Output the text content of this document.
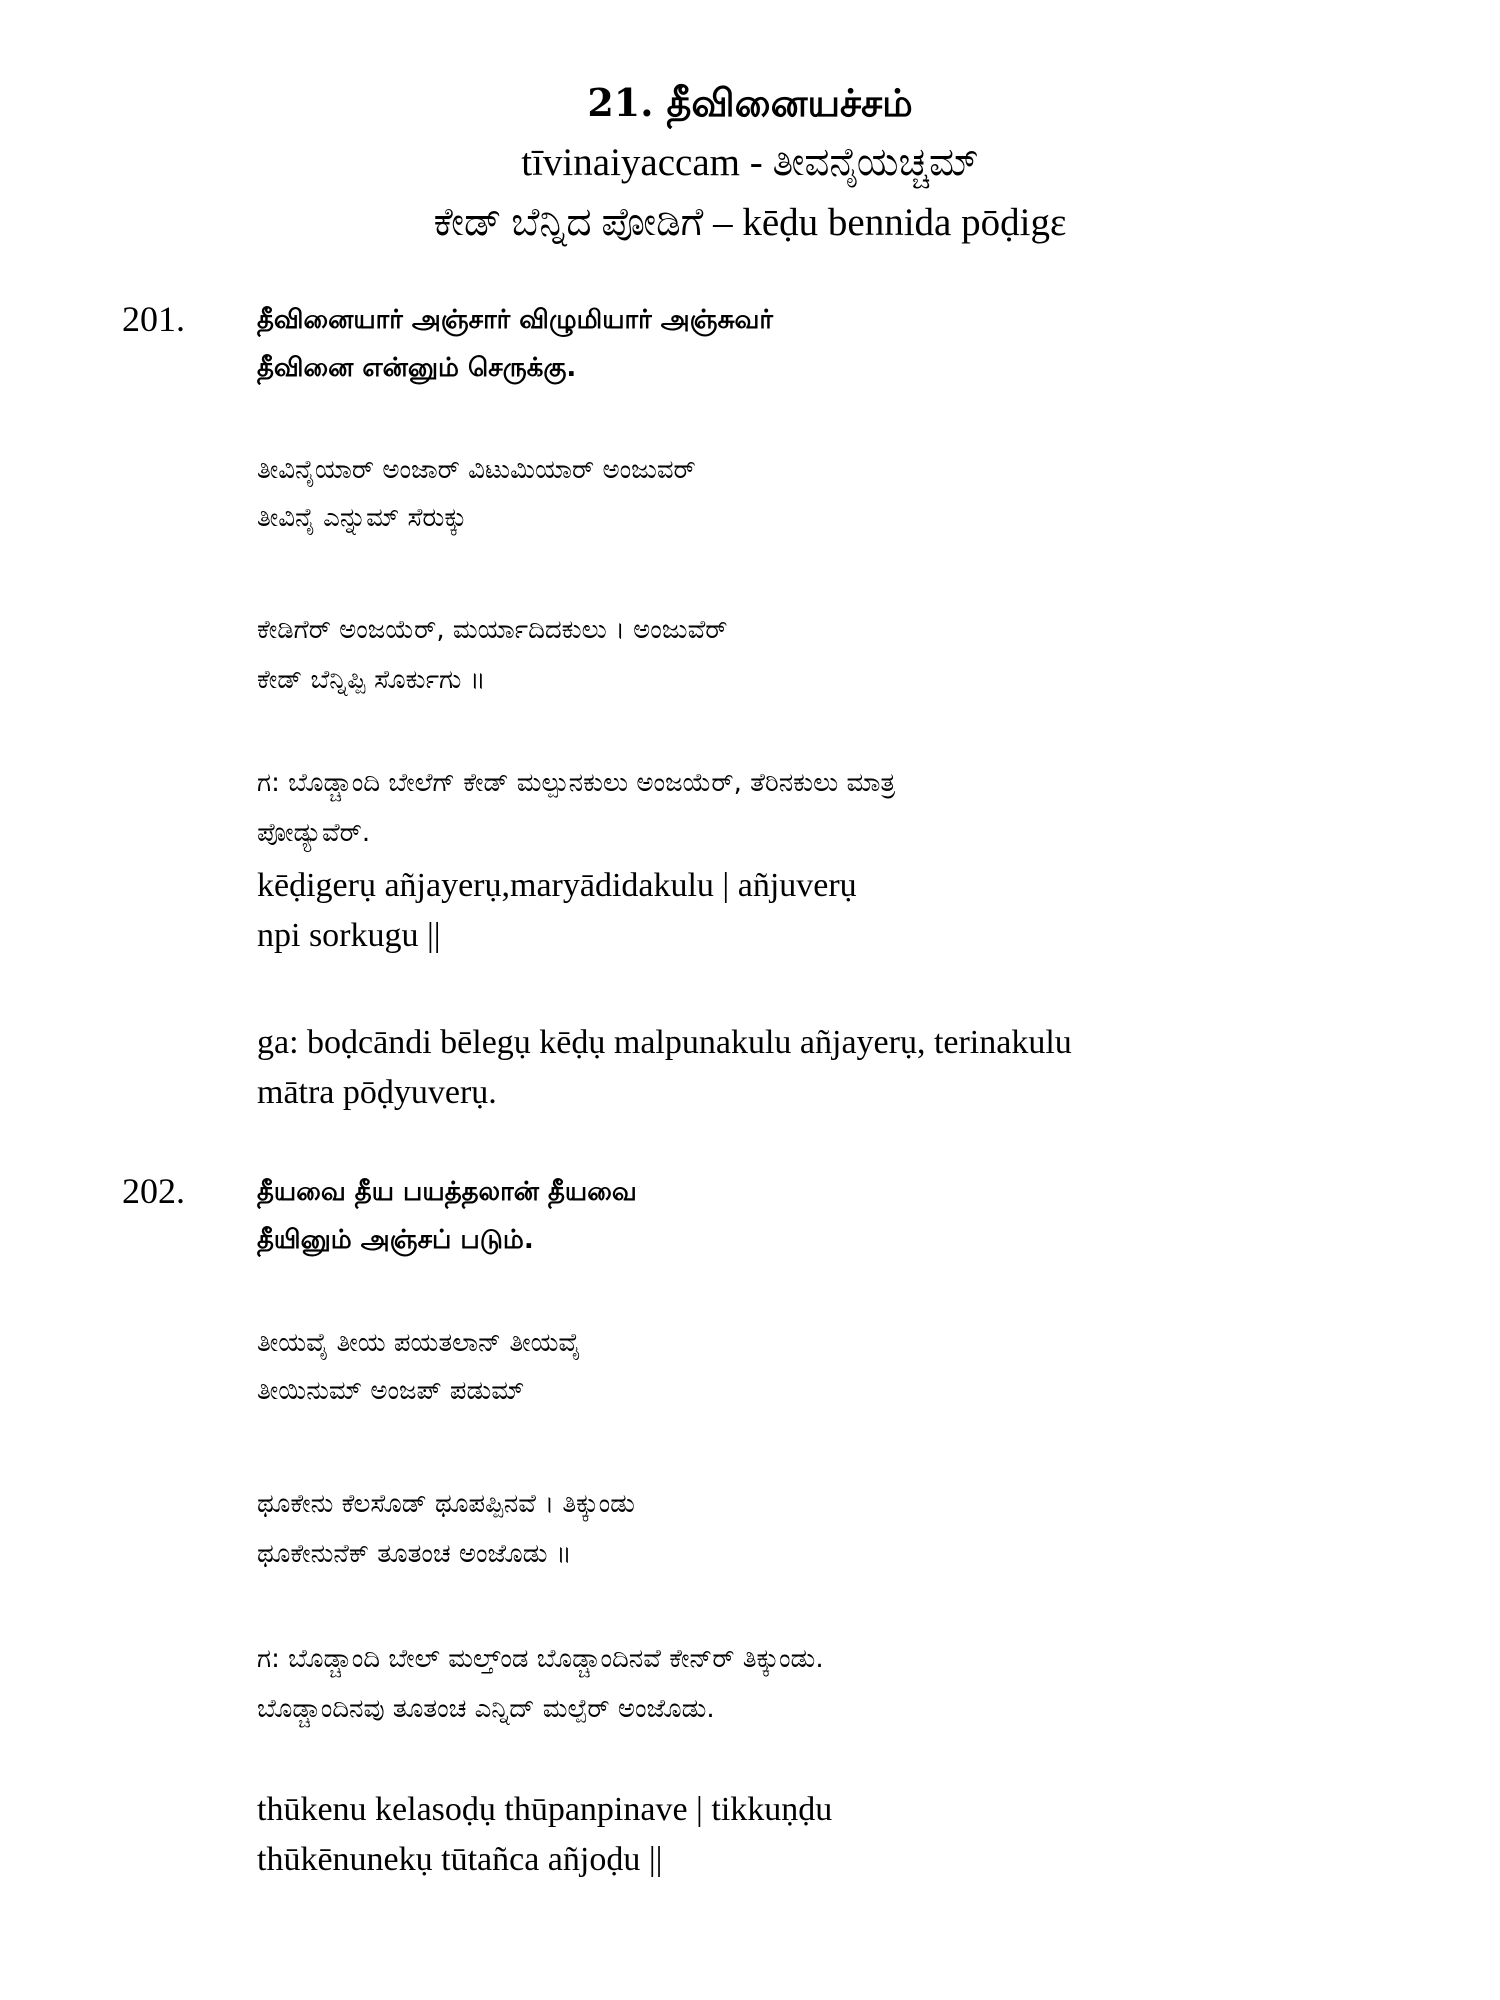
21. தீவினையச்சம்
tīvinaiyaccam - ತೀವನೈಯಚ್ಚಮ್
ಕೇಡ್ ಬೆನ್ನಿದ ಪೋಡಿಗೆ – kēḍu bennida pōḍigɛ
201.	தீவினையார் அஞ்சார் விழுமியார் அஞ்சுவர்
தீவினை என்னும் செருக்கு.
ತೀವಿನೈಯಾರ್ ಅಂಜಾರ್ ವಿಟುಮಿಯಾರ್ ಅಂಜುವರ್
ತೀವಿನೈ ಎನ್ನುಮ್ ಸೆರುಕ್ಕು
ಕೇಡಿಗೆರ್ ಅಂಜಯೆರ್, ಮರ್ಯಾದಿದಕುಲು । ಅಂಜುವೆರ್
ಕೇಡ್ ಬೆನ್ನಿಪ್ಪಿ ಸೊರ್ಕುಗು ॥
ಗ: ಬೊಡ್ಚಾಂದಿ ಬೇಲೆಗ್ ಕೇಡ್ ಮಲ್ಪುನಕುಲು ಅಂಜಯೆರ್, ತೆರಿನಕುಲು ಮಾತ್ರ
ಪೋಡ್ಯುವೆರ್.
kēḍigerụ añjayerụ,maryādidakulu | añjuverụ
npi sorkugu ||
ga: boḍcāndi bēlegụ kēḍụ malpunakulu añjayerụ, terinakulu
mātra pōḍyuverụ.
202.	தீயவை தீய பயத்தலான் தீயவை
தீயினும் அஞ்சப் படும்.
ತೀಯವೈ ತೀಯ ಪಯತಲಾನ್ ತೀಯವೈ
ತೀಯಿನುಮ್ ಅಂಜಪ್ ಪಡುಮ್
ಥೂಕೇನು ಕೆಲಸೊಡ್ ಥೂಪಪ್ಪಿನವೆ । ತಿಕ್ಕುಂಡು
ಥೂಕೇನುನೆಕ್ ತೂತಂಚ ಅಂಜೊಡು ॥
ಗ: ಬೊಡ್ಚಾಂದಿ ಬೇಲ್ ಮಲ್ತ್‌ಂಡ ಬೊಡ್ಚಾಂದಿನವೆ ಕೇನ್‌ರ್ ತಿಕ್ಕುಂಡು.
ಬೊಡ್ಚಾಂದಿನವು ತೂತಂಚ ಎನ್ನಿದ್ ಮಲ್ಪೆರ್ ಅಂಜೊಡು.
thūkenu kelasoḍụ thūpanpinave | tikkuṇḍu
thūkēnunekụ tūtañca añjoḍu ||
